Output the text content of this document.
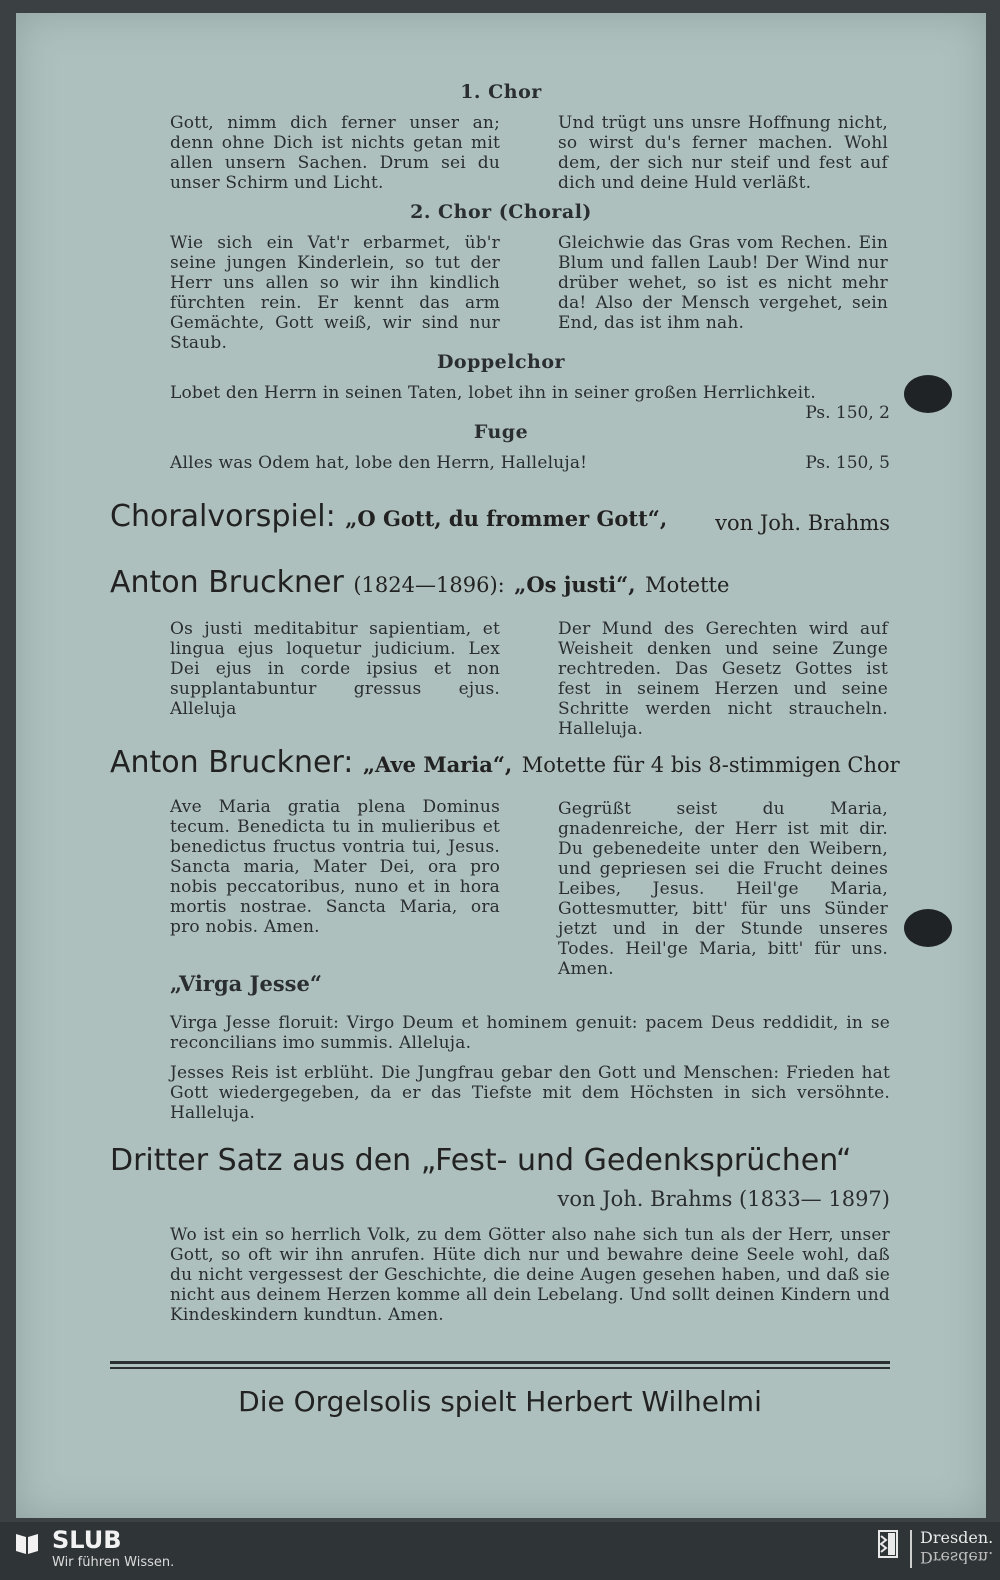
1. Chor
Gott, nimm dich ferner unser an; denn ohne Dich ist nichts getan mit allen unsern Sachen. Drum sei du unser Schirm und Licht.
Und trügt uns unsre Hoffnung nicht, so wirst du's ferner machen. Wohl dem, der sich nur steif und fest auf dich und deine Huld verläßt.
2. Chor (Choral)
Wie sich ein Vat'r erbarmet, üb'r seine jungen Kinderlein, so tut der Herr uns allen so wir ihn kindlich fürchten rein. Er kennt das arm Gemächte, Gott weiß, wir sind nur Staub.
Gleichwie das Gras vom Rechen. Ein Blum und fallen Laub! Der Wind nur drüber wehet, so ist es nicht mehr da! Also der Mensch vergehet, sein End, das ist ihm nah.
Doppelchor
Lobet den Herrn in seinen Taten, lobet ihn in seiner großen Herrlichkeit.
Ps. 150, 2
Fuge
Alles was Odem hat, lobe den Herrn, Halleluja!	Ps. 150, 5
Choralvorspiel: „O Gott, du frommer Gott“, von Joh. Brahms
Anton Bruckner (1824—1896): „Os justi“, Motette
Os justi meditabitur sapientiam, et lingua ejus loquetur judicium. Lex Dei ejus in corde ipsius et non supplantabuntur gressus ejus. Alleluja
Der Mund des Gerechten wird auf Weisheit denken und seine Zunge rechtreden. Das Gesetz Gottes ist fest in seinem Herzen und seine Schritte werden nicht straucheln. Halleluja.
Anton Bruckner: „Ave Maria“, Motette für 4 bis 8-stimmigen Chor
Ave Maria gratia plena Dominus tecum. Benedicta tu in mulieribus et benedictus fructus vontria tui, Jesus. Sancta maria, Mater Dei, ora pro nobis peccatoribus, nuno et in hora mortis nostrae. Sancta Maria, ora pro nobis. Amen.
Gegrüßt seist du Maria, gnadenreiche, der Herr ist mit dir. Du gebenedeite unter den Weibern, und gepriesen sei die Frucht deines Leibes, Jesus. Heil'ge Maria, Gottesmutter, bitt' für uns Sünder jetzt und in der Stunde unseres Todes. Heil'ge Maria, bitt' für uns. Amen.
„Virga Jesse“
Virga Jesse floruit: Virgo Deum et hominem genuit: pacem Deus reddidit, in se reconcilians imo summis. Alleluja.
Jesses Reis ist erblüht. Die Jungfrau gebar den Gott und Menschen: Frieden hat Gott wiedergegeben, da er das Tiefste mit dem Höchsten in sich versöhnte. Halleluja.
Dritter Satz aus den „Fest- und Gedenksprüchen“
von Joh. Brahms (1833— 1897)
Wo ist ein so herrlich Volk, zu dem Götter also nahe sich tun als der Herr, unser Gott, so oft wir ihn anrufen. Hüte dich nur und bewahre deine Seele wohl, daß du nicht vergessest der Geschichte, die deine Augen gesehen haben, und daß sie nicht aus deinem Herzen komme all dein Lebelang. Und sollt deinen Kindern und Kindeskindern kundtun. Amen.
Die Orgelsolis spielt Herbert Wilhelmi
SLUB
Wir führen Wissen.
Dresden.
Dresden.
